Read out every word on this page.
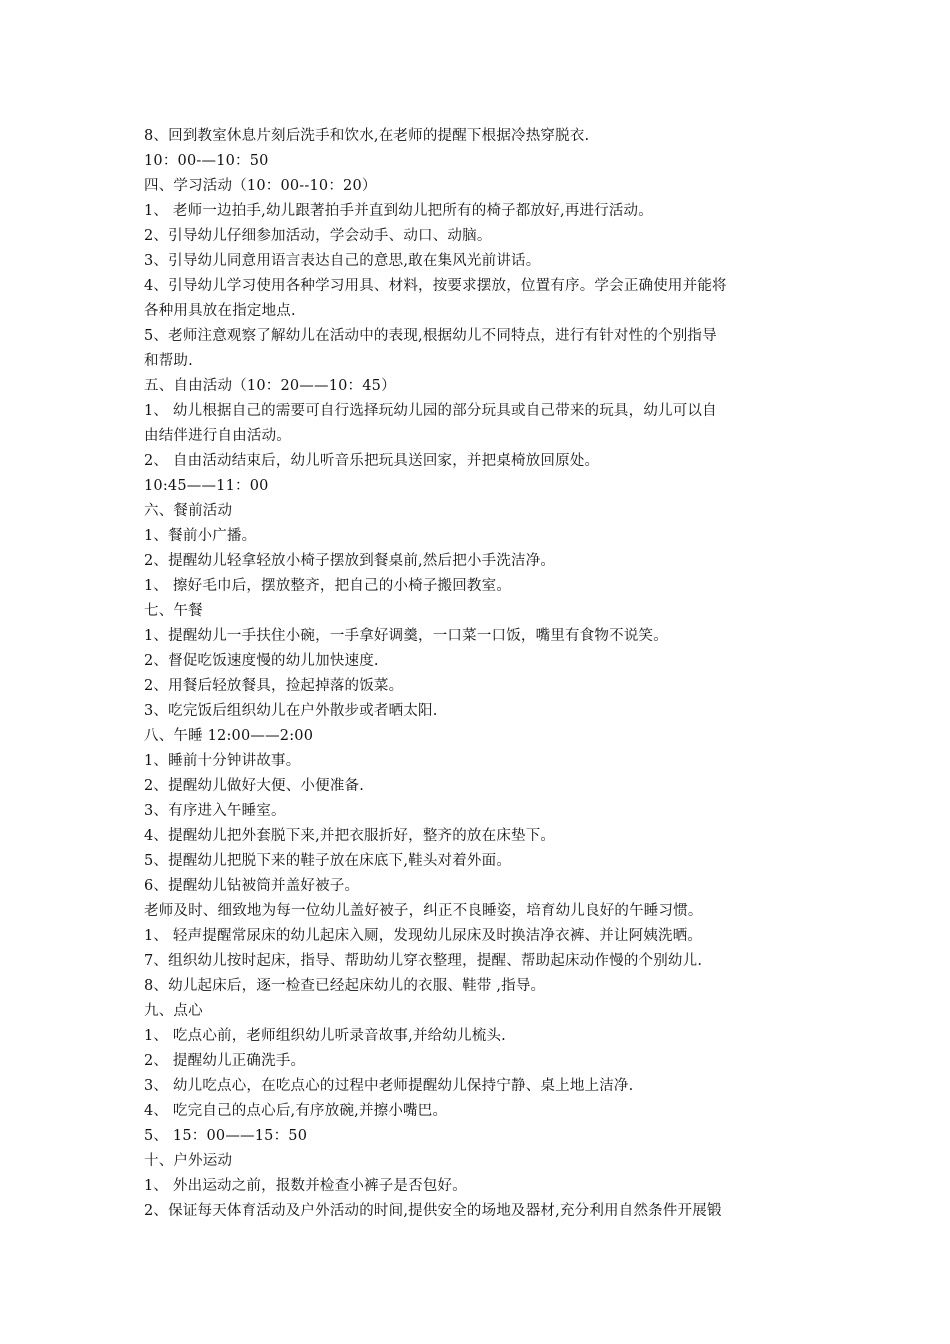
8、回到教室休息片刻后洗手和饮水,在老师的提醒下根据冷热穿脱衣.
10：00-—10：50
四、学习活动（10：00--10：20）
1、 老师一边拍手,幼儿跟著拍手并直到幼儿把所有的椅子都放好,再进行活动。
2、引导幼儿仔细参加活动，学会动手、动口、动脑。
3、引导幼儿同意用语言表达自己的意思,敢在集风光前讲话。
4、引导幼儿学习使用各种学习用具、材料，按要求摆放，位置有序。学会正确使用并能将
各种用具放在指定地点.
5、老师注意观察了解幼儿在活动中的表现,根据幼儿不同特点，进行有针对性的个别指导
和帮助.
五、自由活动（10：20——10：45）
1、 幼儿根据自己的需要可自行选择玩幼儿园的部分玩具或自己带来的玩具，幼儿可以自
由结伴进行自由活动。
2、 自由活动结束后，幼儿听音乐把玩具送回家，并把桌椅放回原处。
10:45——11：00
六、餐前活动
1、餐前小广播。
2、提醒幼儿轻拿轻放小椅子摆放到餐桌前,然后把小手洗洁净。
1、 擦好毛巾后，摆放整齐，把自己的小椅子搬回教室。
七、午餐
1、提醒幼儿一手扶住小碗，一手拿好调羹，一口菜一口饭，嘴里有食物不说笑。
2、督促吃饭速度慢的幼儿加快速度.
2、用餐后轻放餐具，捡起掉落的饭菜。
3、吃完饭后组织幼儿在户外散步或者晒太阳.
八、午睡 12:00——2:00
1、睡前十分钟讲故事。
2、提醒幼儿做好大便、小便准备.
3、有序进入午睡室。
4、提醒幼儿把外套脱下来,并把衣服折好，整齐的放在床垫下。
5、提醒幼儿把脱下来的鞋子放在床底下,鞋头对着外面。
6、提醒幼儿钻被筒并盖好被子。
老师及时、细致地为每一位幼儿盖好被子，纠正不良睡姿，培育幼儿良好的午睡习惯。
1、 轻声提醒常尿床的幼儿起床入厕，发现幼儿尿床及时换洁净衣裤、并让阿姨洗晒。
7、组织幼儿按时起床，指导、帮助幼儿穿衣整理，提醒、帮助起床动作慢的个别幼儿.
8、幼儿起床后，逐一检查已经起床幼儿的衣服、鞋带 ,指导。
九、点心
1、 吃点心前，老师组织幼儿听录音故事,并给幼儿梳头.
2、 提醒幼儿正确洗手。
3、 幼儿吃点心，在吃点心的过程中老师提醒幼儿保持宁静、桌上地上洁净.
4、 吃完自己的点心后,有序放碗,并擦小嘴巴。
5、 15：00——15：50
十、户外运动
1、 外出运动之前，报数并检查小裤子是否包好。
2、保证每天体育活动及户外活动的时间,提供安全的场地及器材,充分利用自然条件开展锻
